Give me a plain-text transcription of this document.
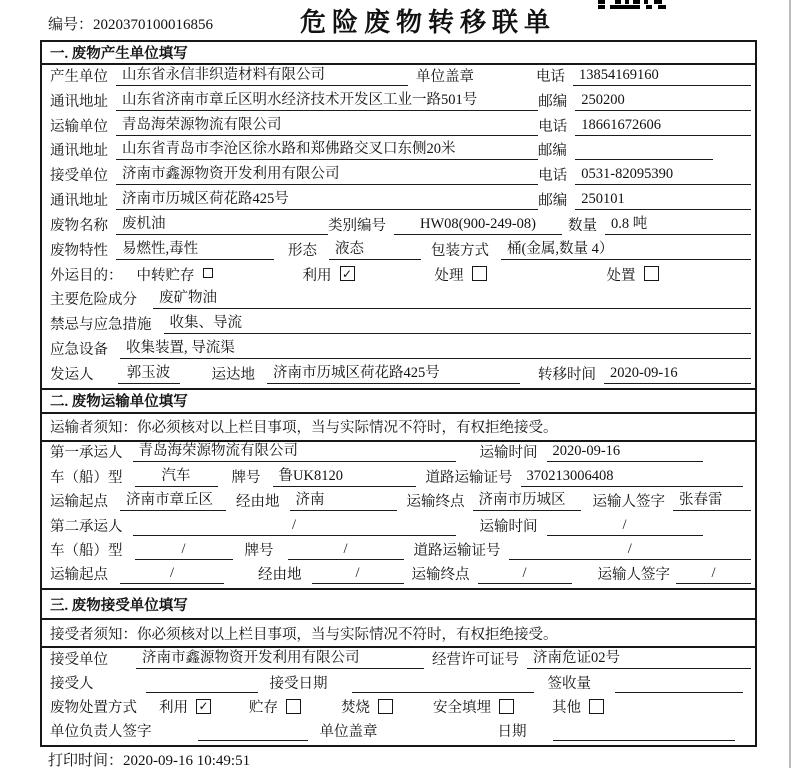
编号：2020370100016856	危险废物转移联单
一. 废物产生单位填写
产生单位 山东省永信非织造材料有限公司	单位盖章	电话 13854169160
通讯地址 山东省济南市章丘区明水经济技术开发区工业一路501号	邮编 250200
运输单位 青岛海荣源物流有限公司	电话 18661672606
通讯地址 山东省青岛市李沧区徐水路和郑佛路交叉口东侧20米	邮编
接受单位 济南市鑫源物资开发利用有限公司	电话 0531-82095390
通讯地址 济南市历城区荷花路425号	邮编 250101
废物名称 废机油	类别编号	HW08(900-249-08)	数量 0.8 吨
废物特性 易燃性,毒性	形态	液态	包装方式	桶(金属,数量 4）
外运目的： 中转贮存	利用 ✓	处理	处置
主要危险成分	废矿物油
禁忌与应急措施	收集、导流
应急设备	收集装置, 导流渠
发运人	郭玉波	运达地	济南市历城区荷花路425号	转移时间 2020-09-16
二. 废物运输单位填写
运输者须知：你必须核对以上栏目事项，当与实际情况不符时，有权拒绝接受。
第一承运人	青岛海荣源物流有限公司	运输时间	2020-09-16
车（船）型	汽车	牌号	鲁UK8120	道路运输证号 370213006408
运输起点	济南市章丘区	经由地	济南	运输终点 济南市历城区	运输人签字 张春雷
第二承运人	/	运输时间	/
车（船）型	/	牌号	/	道路运输证号	/
运输起点	/	经由地	/	运输终点	/	运输人签字	/
三. 废物接受单位填写
接受者须知：你必须核对以上栏目事项，当与实际情况不符时，有权拒绝接受。
接受单位	济南市鑫源物资开发利用有限公司	经营许可证号 济南危证02号
接受人	接受日期	签收量
废物处置方式 利用 ✓	贮存	焚烧	安全填埋	其他
单位负责人签字	单位盖章	日期
打印时间：2020-09-16 10:49:51
